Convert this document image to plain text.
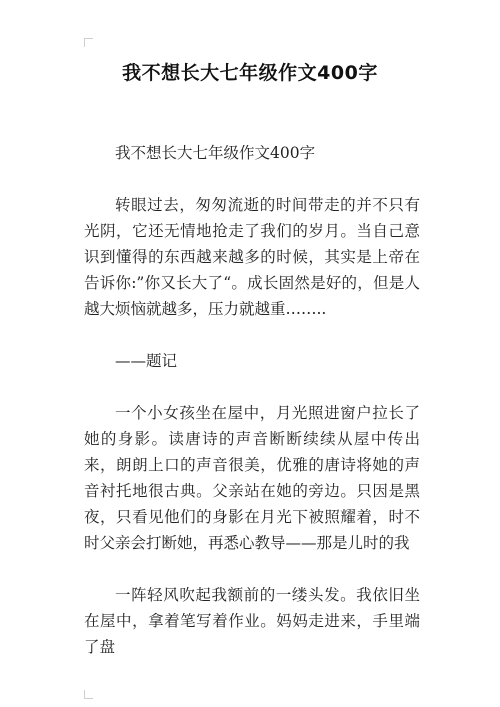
我不想长大七年级作文400字

我不想长大七年级作文400字

转眼过去，匆匆流逝的时间带走的并不只有光阴，它还无情地抢走了我们的岁月。当自己意识到懂得的东西越来越多的时候，其实是上帝在告诉你:”你又长大了“。成长固然是好的，但是人越大烦恼就越多，压力就越重……..

——题记

一个小女孩坐在屋中，月光照进窗户拉长了她的身影。读唐诗的声音断断续续从屋中传出来，朗朗上口的声音很美，优雅的唐诗将她的声音衬托地很古典。父亲站在她的旁边。只因是黑夜，只看见他们的身影在月光下被照耀着，时不时父亲会打断她，再悉心教导——那是儿时的我

一阵轻风吹起我额前的一缕头发。我依旧坐在屋中，拿着笔写着作业。妈妈走进来，手里端了盘
